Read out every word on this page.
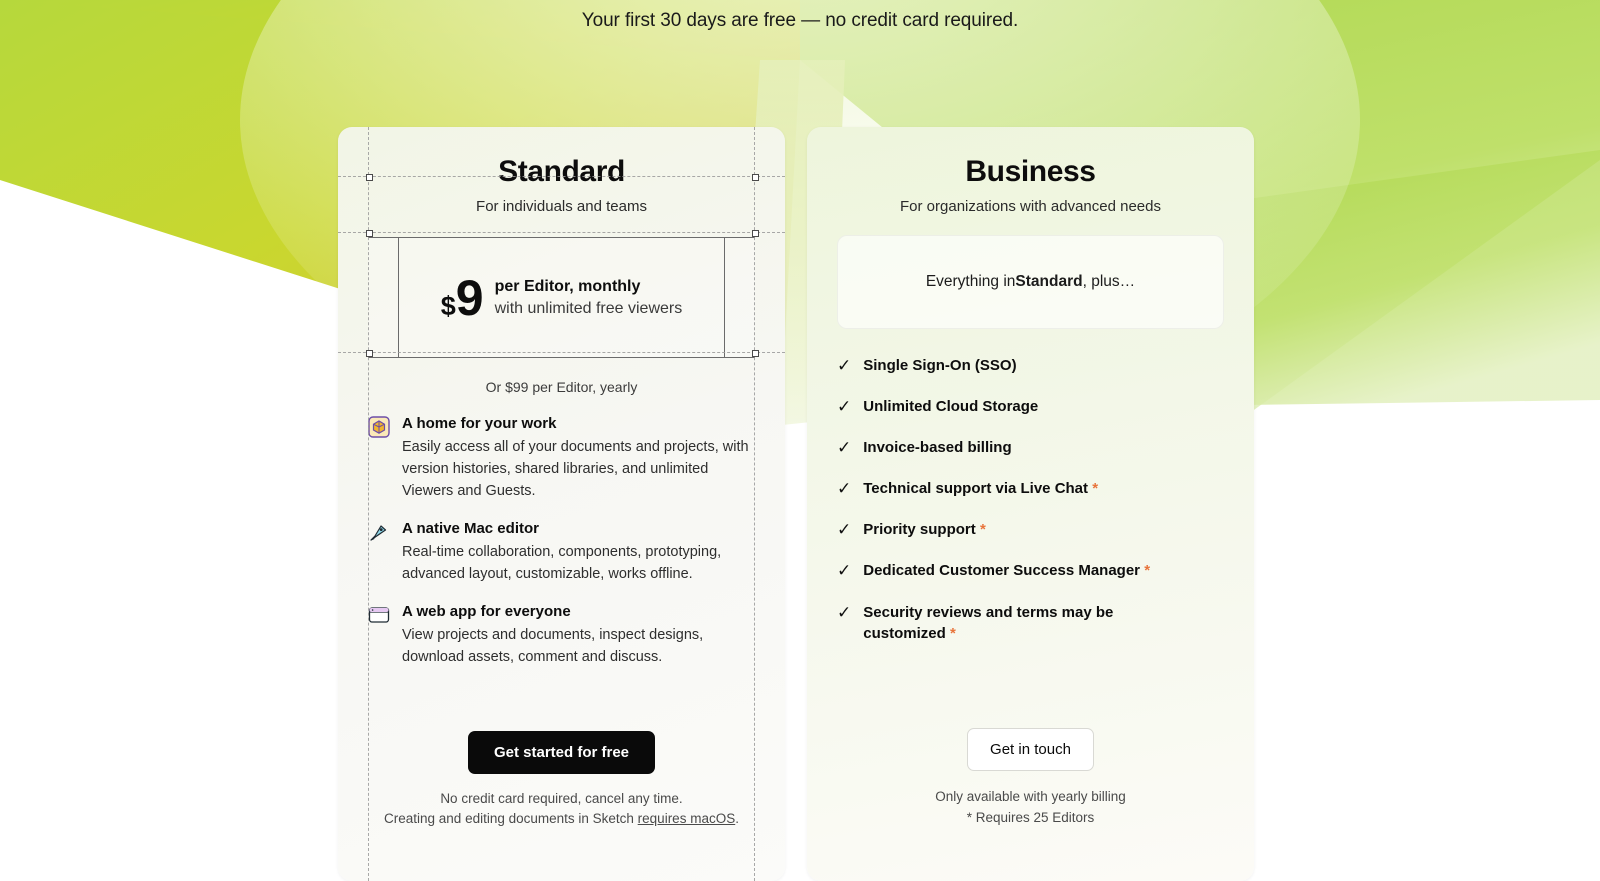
Your first 30 days are free — no credit card required.
Standard
For individuals and teams
$ 9 per Editor, monthly
with unlimited free viewers
Or $99 per Editor, yearly
A home for your work
Easily access all of your documents and projects, with version histories, shared libraries, and unlimited Viewers and Guests.
A native Mac editor
Real-time collaboration, components, prototyping, advanced layout, customizable, works offline.
A web app for everyone
View projects and documents, inspect designs, download assets, comment and discuss.
Get started for free
No credit card required, cancel any time.
Creating and editing documents in Sketch requires macOS.
Business
For organizations with advanced needs
Everything in Standard , plus…
✓ Single Sign-On (SSO)
✓ Unlimited Cloud Storage
✓ Invoice-based billing
✓ Technical support via Live Chat *
✓ Priority support *
✓ Dedicated Customer Success Manager *
✓ Security reviews and terms may be customized *
Get in touch
Only available with yearly billing
* Requires 25 Editors
